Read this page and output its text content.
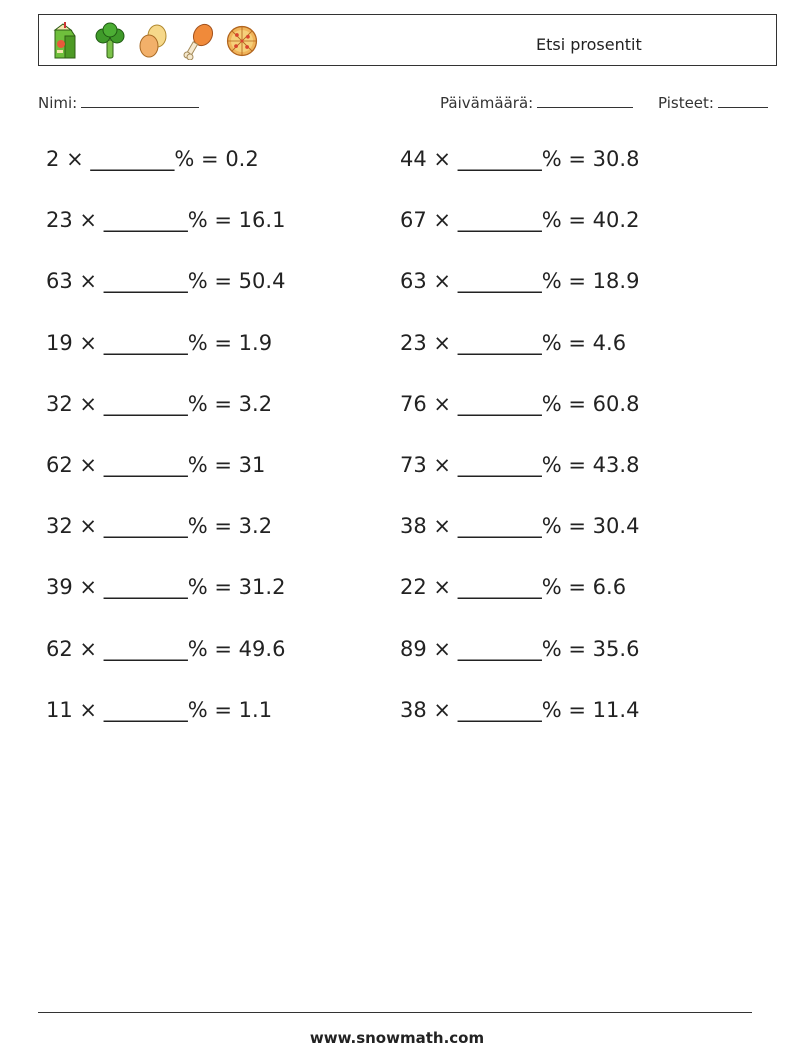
Etsi prosentit
Nimi:	Päivämäärä:	Pisteet:
2 × ________% = 0.2
23 × ________% = 16.1
63 × ________% = 50.4
19 × ________% = 1.9
32 × ________% = 3.2
62 × ________% = 31
32 × ________% = 3.2
39 × ________% = 31.2
62 × ________% = 49.6
11 × ________% = 1.1
44 × ________% = 30.8
67 × ________% = 40.2
63 × ________% = 18.9
23 × ________% = 4.6
76 × ________% = 60.8
73 × ________% = 43.8
38 × ________% = 30.4
22 × ________% = 6.6
89 × ________% = 35.6
38 × ________% = 11.4
www.snowmath.com
